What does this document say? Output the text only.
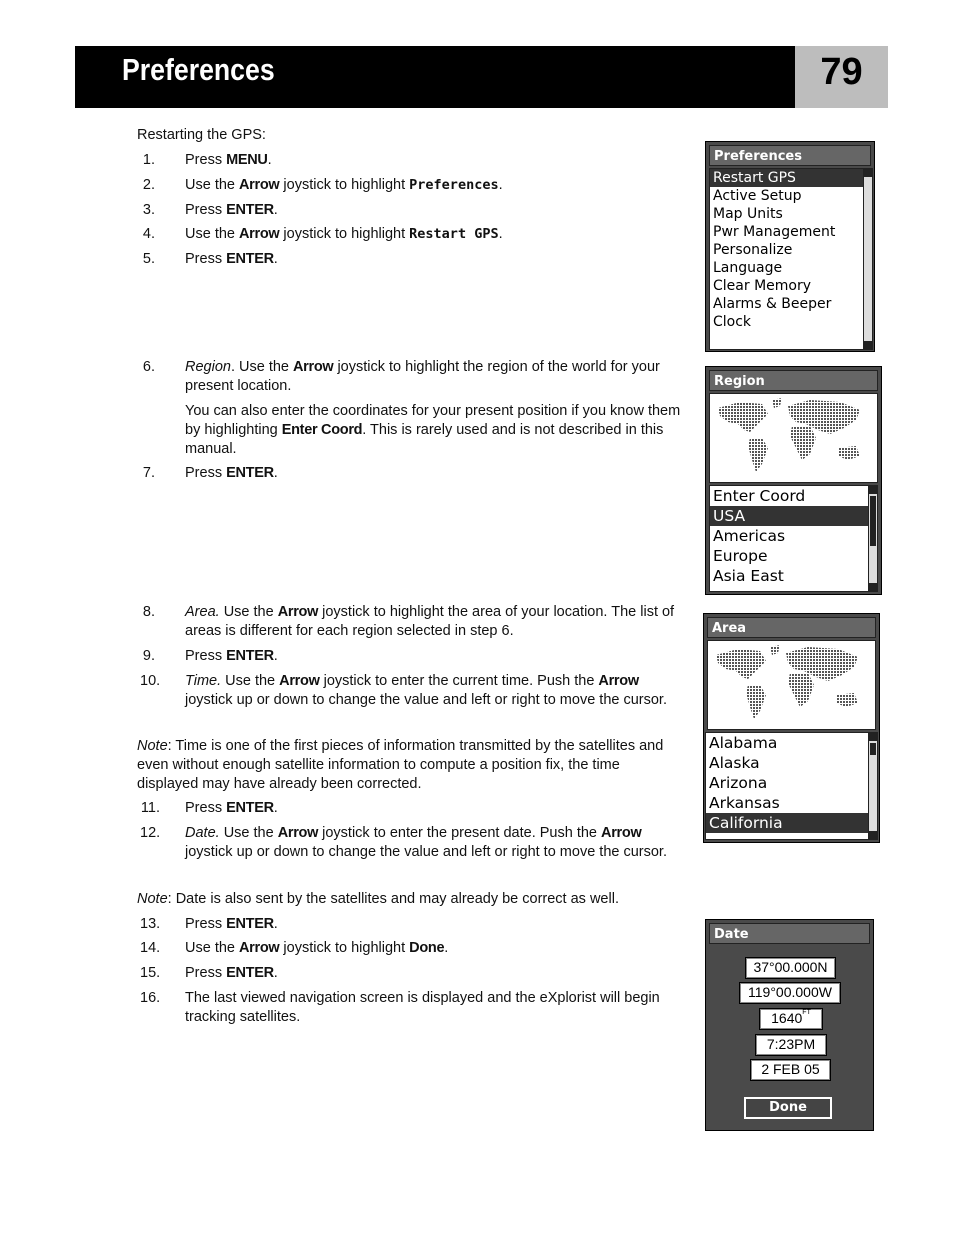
Preferences	79
Restarting the GPS:
1. Press MENU.
2. Use the Arrow joystick to highlight Preferences.
3. Press ENTER.
4. Use the Arrow joystick to highlight Restart GPS.
5. Press ENTER.
6. Region. Use the Arrow joystick to highlight the region of the world for your present location.
You can also enter the coordinates for your present position if you know them by highlighting Enter Coord. This is rarely used and is not described in this manual.
7. Press ENTER.
8. Area. Use the Arrow joystick to highlight the area of your location. The list of areas is different for each region selected in step 6.
9. Press ENTER.
10. Time. Use the Arrow joystick to enter the current time. Push the Arrow joystick up or down to change the value and left or right to move the cursor.
Note: Time is one of the first pieces of information transmitted by the satellites and even without enough satellite information to compute a position fix, the time displayed may have already been corrected.
11. Press ENTER.
12. Date. Use the Arrow joystick to enter the present date. Push the Arrow joystick up or down to change the value and left or right to move the cursor.
Note: Date is also sent by the satellites and may already be correct as well.
13. Press ENTER.
14. Use the Arrow joystick to highlight Done.
15. Press ENTER.
16. The last viewed navigation screen is displayed and the eXplorist will begin tracking satellites.
Preferences
Restart GPS
Active Setup
Map Units
Pwr Management
Personalize
Language
Clear Memory
Alarms & Beeper
Clock
Region
Enter Coord
USA
Americas
Europe
Asia East
Area
Alabama
Alaska
Arizona
Arkansas
California
Date
37°00.000N
119°00.000W
$1640^{FT}$
7:23PM
2 FEB 05
Done
